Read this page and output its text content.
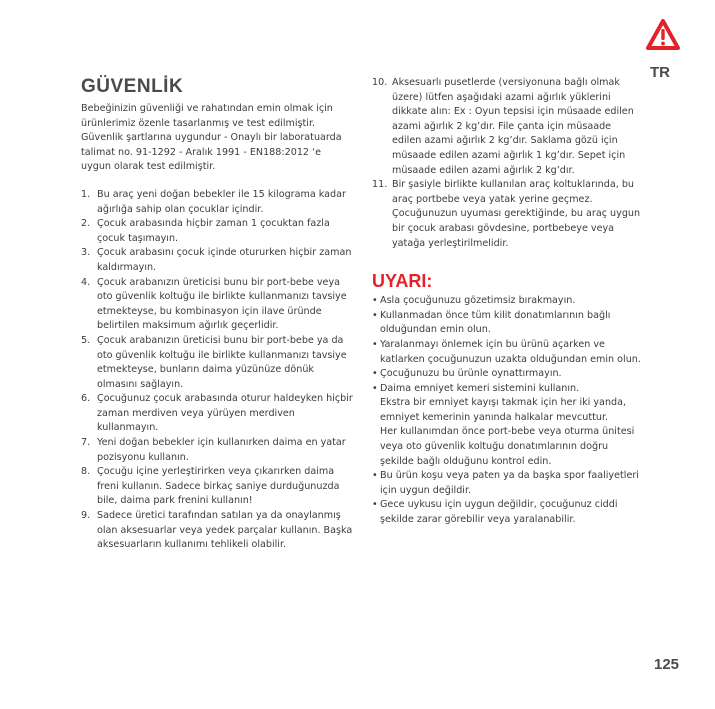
TR
GÜVENLİK

Bebeğinizin güvenliği ve rahatından emin olmak için ürünlerimiz özenle tasarlanmış ve test edilmiştir. Güvenlik şartlarına uygundur - Onaylı bir laboratuarda talimat no. 91-1292 - Aralık 1991 - EN188:2012 ‘e uygun olarak test edilmiştir.

1. Bu araç yeni doğan bebekler ile 15 kilograma kadar ağırlığa sahip olan çocuklar içindir.
2. Çocuk arabasında hiçbir zaman 1 çocuktan fazla çocuk taşımayın.
3. Çocuk arabasını çocuk içinde otururken hiçbir zaman kaldırmayın.
4. Çocuk arabanızın üreticisi bunu bir port-bebe veya oto güvenlik koltuğu ile birlikte kullanmanızı tavsiye etmekteyse, bu kombinasyon için ilave üründe belirtilen maksimum ağırlık geçerlidir.
5. Çocuk arabanızın üreticisi bunu bir port-bebe ya da oto güvenlik koltuğu ile birlikte kullanmanızı tavsiye etmekteyse, bunların daima yüzünüze dönük olmasını sağlayın.
6. Çocuğunuz çocuk arabasında oturur haldeyken hiçbir zaman merdiven veya yürüyen merdiven kullanmayın.
7. Yeni doğan bebekler için kullanırken daima en yatar pozisyonu kullanın.
8. Çocuğu içine yerleştirirken veya çıkarırken daima freni kullanın. Sadece birkaç saniye durduğunuzda bile, daima park frenini kullanın!
9. Sadece üretici tarafından satılan ya da onaylanmış olan aksesuarlar veya yedek parçalar kullanın. Başka aksesuarların kullanımı tehlikeli olabilir.
10. Aksesuarlı pusetlerde (versiyonuna bağlı olmak üzere) lütfen aşağıdaki azami ağırlık yüklerini dikkate alın: Ex : Oyun tepsisi için müsaade edilen azami ağırlık 2 kg’dır. File çanta için müsaade edilen azami ağırlık 2 kg’dır. Saklama gözü için müsaade edilen azami ağırlık 1 kg’dır. Sepet için müsaade edilen azami ağırlık 2 kg’dır.
11. Bir şasiyle birlikte kullanılan araç koltuklarında, bu araç portbebe veya yatak yerine geçmez. Çocuğunuzun uyuması gerektiğinde, bu araç uygun bir çocuk arabası gövdesine, portbebeye veya yatağa yerleştirilmelidir.
UYARI:
• Asla çocuğunuzu gözetimsiz bırakmayın.
• Kullanmadan önce tüm kilit donatımlarının bağlı olduğundan emin olun.
• Yaralanmayı önlemek için bu ürünü açarken ve katlarken çocuğunuzun uzakta olduğundan emin olun.
• Çocuğunuzu bu ürünle oynattırmayın.
• Daima emniyet kemeri sistemini kullanın.
Ekstra bir emniyet kayışı takmak için her iki yanda, emniyet kemerinin yanında halkalar mevcuttur.
Her kullanımdan önce port-bebe veya oturma ünitesi veya oto güvenlik koltuğu donatımlarının doğru şekilde bağlı olduğunu kontrol edin.
• Bu ürün koşu veya paten ya da başka spor faaliyetleri için uygun değildir.
• Gece uykusu için uygun değildir, çocuğunuz ciddi şekilde zarar görebilir veya yaralanabilir.
125
